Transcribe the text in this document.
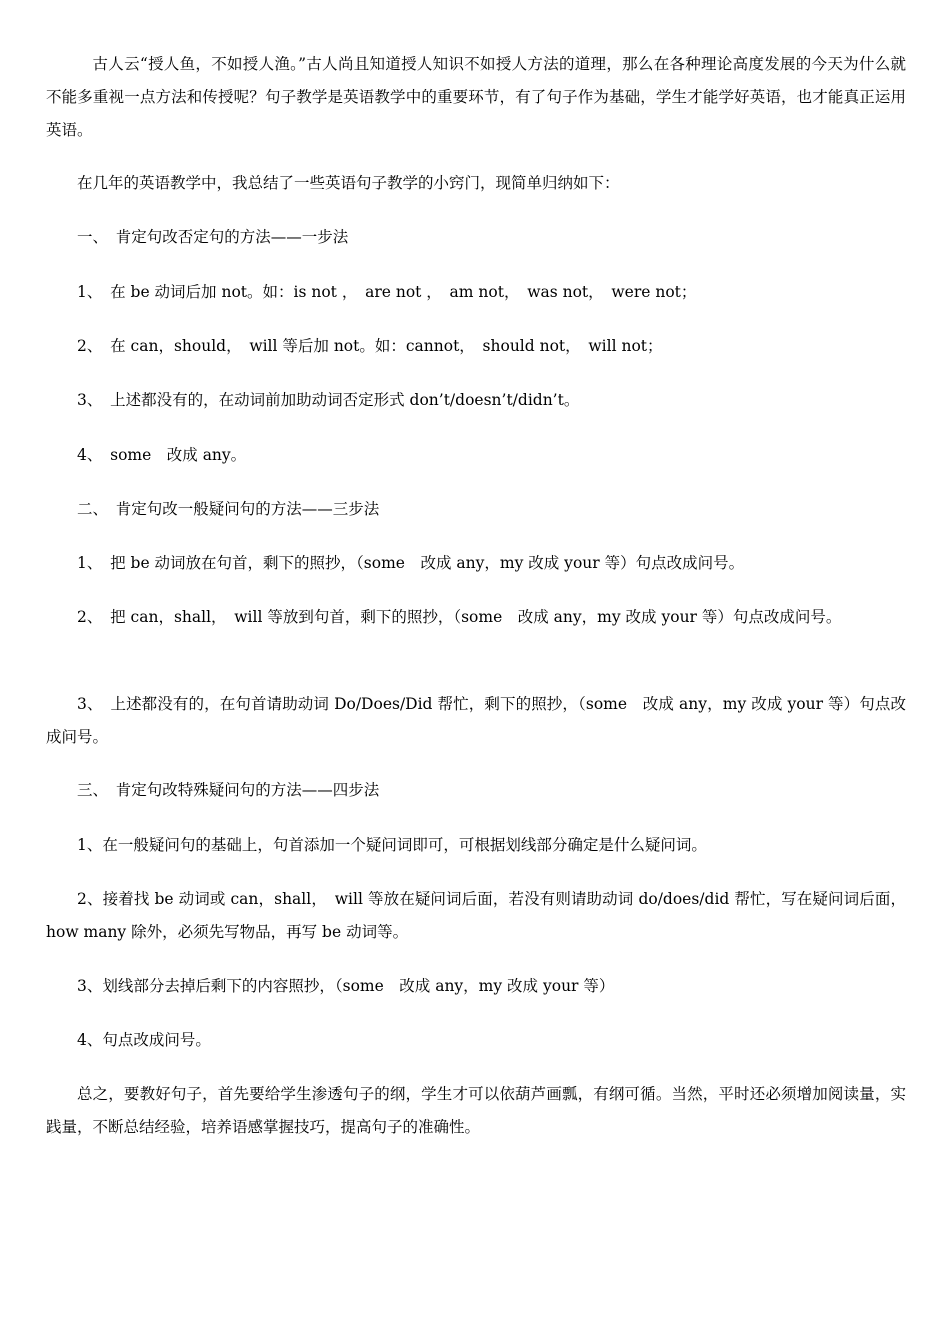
古人云“授人鱼，不如授人渔。”古人尚且知道授人知识不如授人方法的道理，那么在各种理论高度发展的今天为什么就不能多重视一点方法和传授呢？句子教学是英语教学中的重要环节，有了句子作为基础，学生才能学好英语，也才能真正运用英语。

在几年的英语教学中，我总结了一些英语句子教学的小窍门，现简单归纳如下：

一、　肯定句改否定句的方法——一步法

1、　在 be 动词后加 not。如：is not ，　are not ，　am not，　was not，　were not；

2、　在 can，should，　will 等后加 not。如：cannot，　should not，　will not；

3、　上述都没有的，在动词前加助动词否定形式 don’t/doesn’t/didn’t。

4、　some　改成 any。

二、　肯定句改一般疑问句的方法——三步法

1、　把 be 动词放在句首，剩下的照抄，（some　改成 any，my 改成 your 等）句点改成问号。

2、　把 can，shall，　will 等放到句首，剩下的照抄，（some　改成 any，my 改成 your 等）句点改成问号。

3、　上述都没有的，在句首请助动词 Do/Does/Did 帮忙，剩下的照抄，（some　改成 any，my 改成 your 等）句点改成问号。

三、　肯定句改特殊疑问句的方法——四步法

1、在一般疑问句的基础上，句首添加一个疑问词即可，可根据划线部分确定是什么疑问词。

2、接着找 be 动词或 can，shall，　will 等放在疑问词后面，若没有则请助动词 do/does/did 帮忙，写在疑问词后面，how many 除外，必须先写物品，再写 be 动词等。

3、划线部分去掉后剩下的内容照抄，（some　改成 any，my 改成 your 等）

4、句点改成问号。

总之，要教好句子，首先要给学生渗透句子的纲，学生才可以依葫芦画瓢，有纲可循。当然，平时还必须增加阅读量，实践量，不断总结经验，培养语感掌握技巧，提高句子的准确性。
